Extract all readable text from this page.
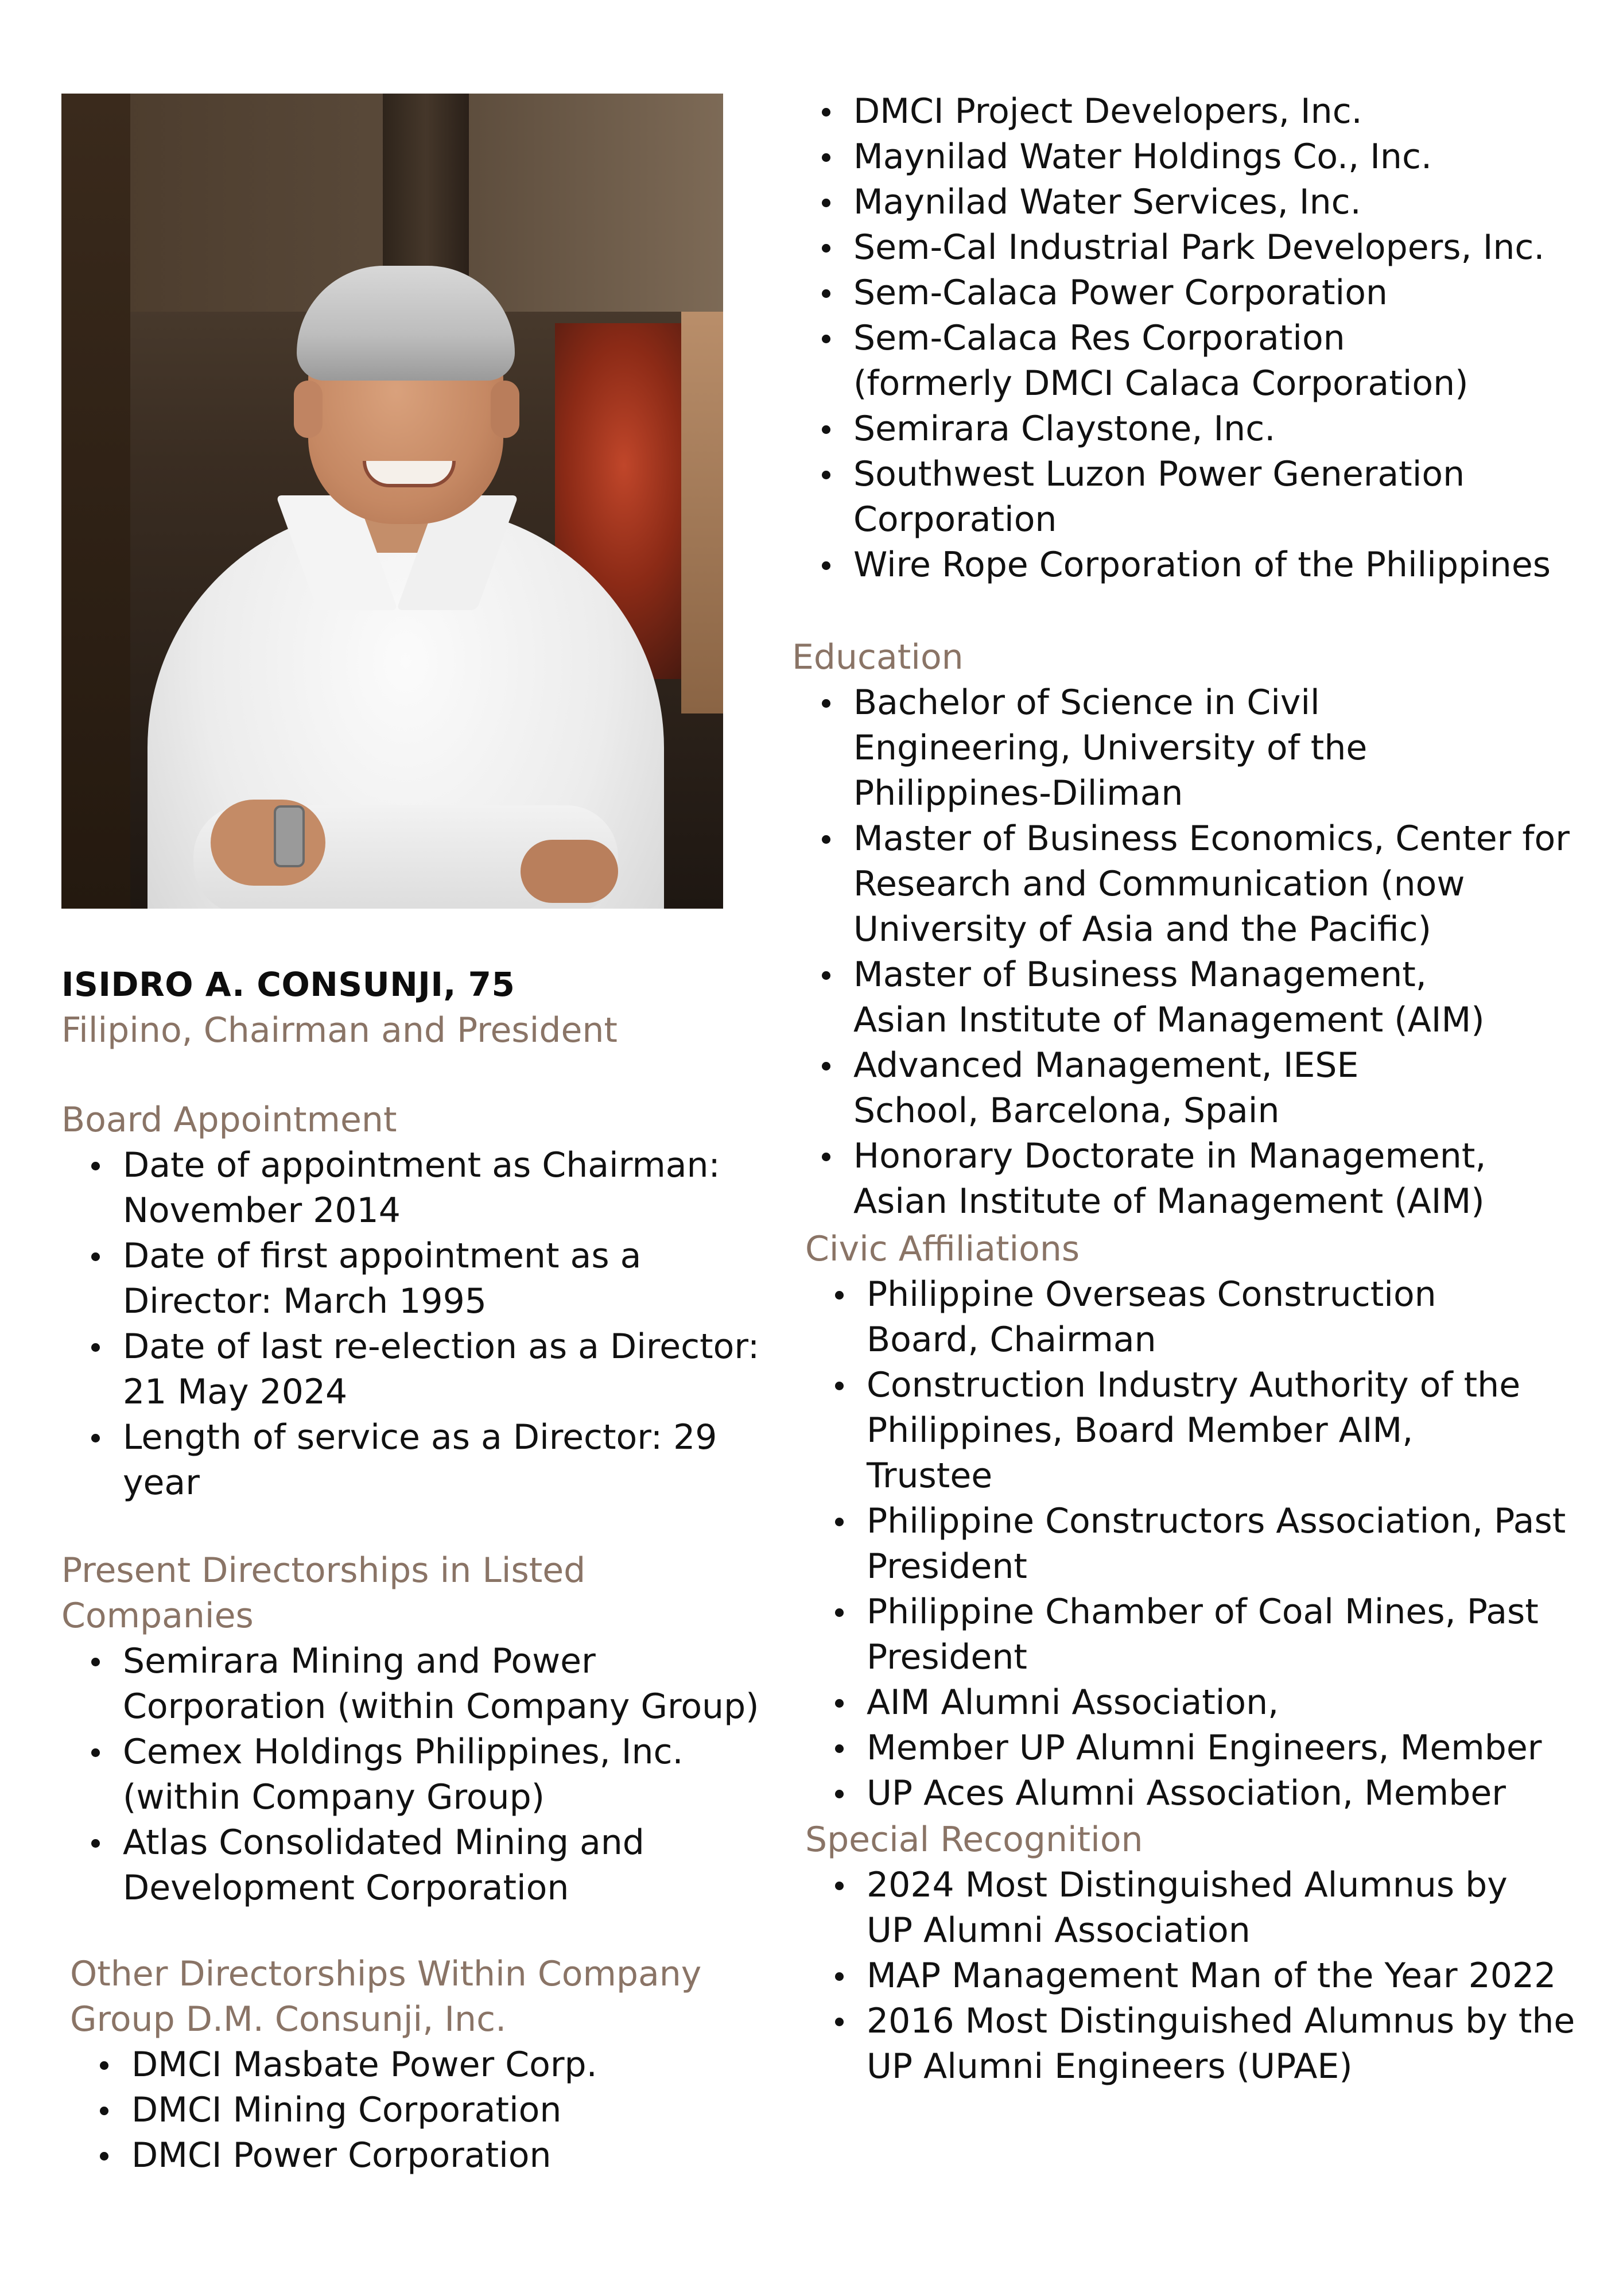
ISIDRO A. CONSUNJI, 75
Filipino, Chairman and President
Board Appointment
Date of appointment as Chairman: November 2014
Date of first appointment as a Director: March 1995
Date of last re-election as a Director: 21 May 2024
Length of service as a Director: 29 year
Present Directorships in Listed Companies
Semirara Mining and Power Corporation (within Company Group)
Cemex Holdings Philippines, Inc. (within Company Group)
Atlas Consolidated Mining and Development Corporation
Other Directorships Within Company Group D.M. Consunji, Inc.
DMCI Masbate Power Corp.
DMCI Mining Corporation
DMCI Power Corporation
DMCI Project Developers, Inc.
Maynilad Water Holdings Co., Inc.
Maynilad Water Services, Inc.
Sem-Cal Industrial Park Developers, Inc.
Sem-Calaca Power Corporation
Sem-Calaca Res Corporation (formerly DMCI Calaca Corporation)
Semirara Claystone, Inc.
Southwest Luzon Power Generation Corporation
Wire Rope Corporation of the Philippines
Education
Bachelor of Science in Civil Engineering, University of the Philippines-Diliman
Master of Business Economics, Center for Research and Communication (now University of Asia and the Pacific)
Master of Business Management, Asian Institute of Management (AIM)
Advanced Management, IESE School, Barcelona, Spain
Honorary Doctorate in Management, Asian Institute of Management (AIM)
Civic Affiliations
Philippine Overseas Construction Board, Chairman
Construction Industry Authority of the Philippines, Board Member AIM, Trustee
Philippine Constructors Association, Past President
Philippine Chamber of Coal Mines, Past President
AIM Alumni Association,
Member UP Alumni Engineers, Member
UP Aces Alumni Association, Member
Special Recognition
2024 Most Distinguished Alumnus by UP Alumni Association
MAP Management Man of the Year 2022
2016 Most Distinguished Alumnus by the UP Alumni Engineers (UPAE)
